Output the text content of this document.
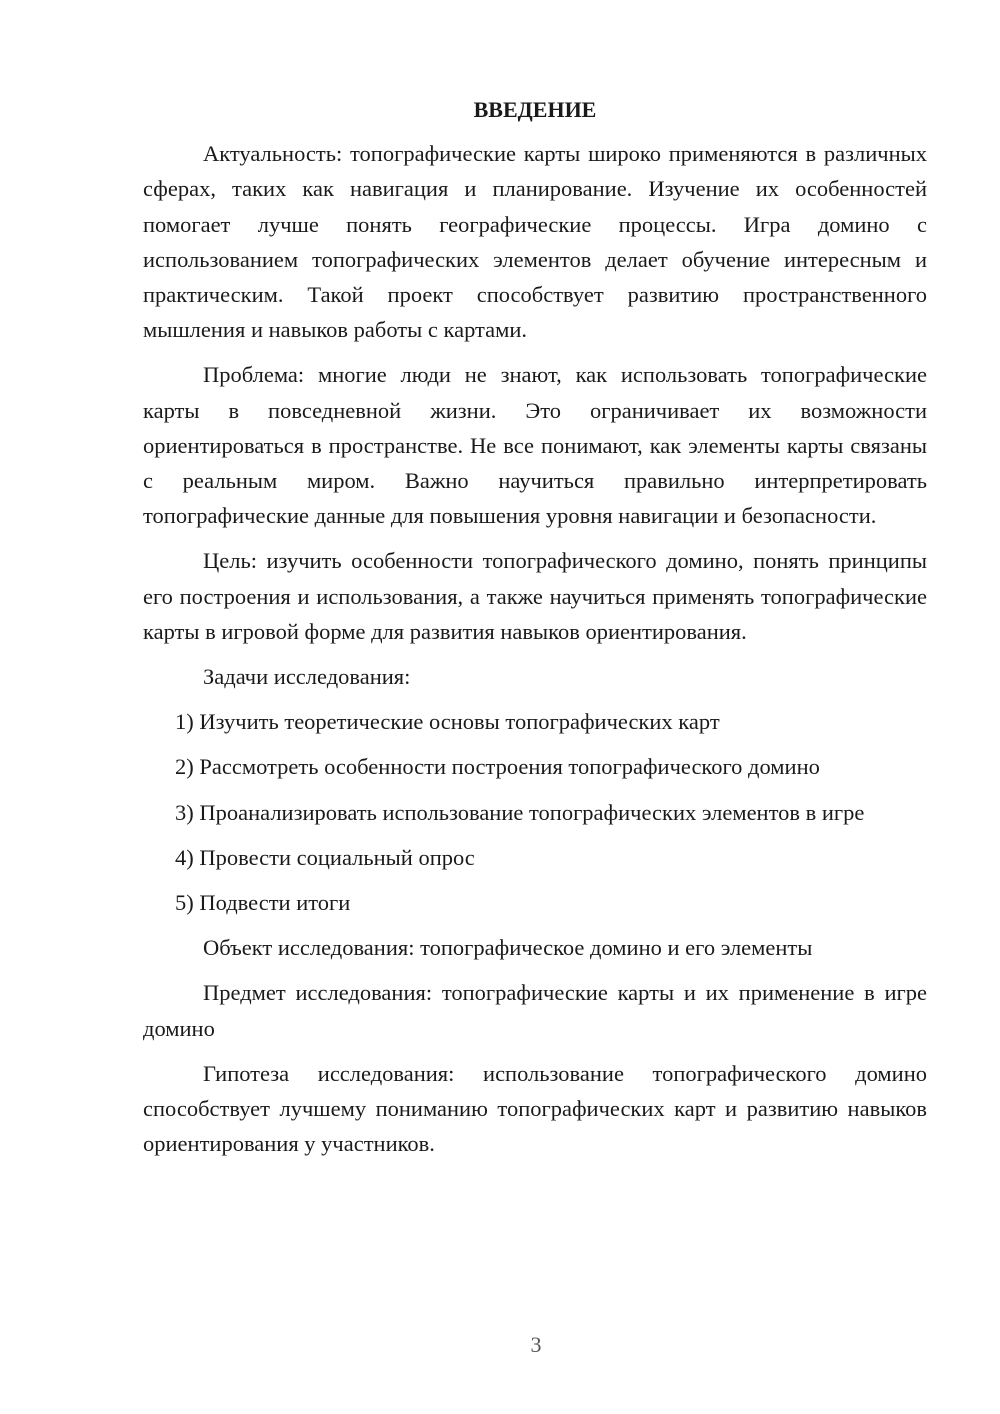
ВВЕДЕНИЕ

Актуальность: топографические карты широко применяются в различных сферах, таких как навигация и планирование. Изучение их особенностей помогает лучше понять географические процессы. Игра домино с использованием топографических элементов делает обучение интересным и практическим. Такой проект способствует развитию пространственного мышления и навыков работы с картами.

Проблема: многие люди не знают, как использовать топографические карты в повседневной жизни. Это ограничивает их возможности ориентироваться в пространстве. Не все понимают, как элементы карты связаны с реальным миром. Важно научиться правильно интерпретировать топографические данные для повышения уровня навигации и безопасности.

Цель: изучить особенности топографического домино, понять принципы его построения и использования, а также научиться применять топографические карты в игровой форме для развития навыков ориентирования.

Задачи исследования:

1) Изучить теоретические основы топографических карт

2) Рассмотреть особенности построения топографического домино

3) Проанализировать использование топографических элементов в игре

4) Провести социальный опрос

5) Подвести итоги

Объект исследования: топографическое домино и его элементы

Предмет исследования: топографические карты и их применение в игре домино

Гипотеза исследования: использование топографического домино способствует лучшему пониманию топографических карт и развитию навыков ориентирования у участников.

3
